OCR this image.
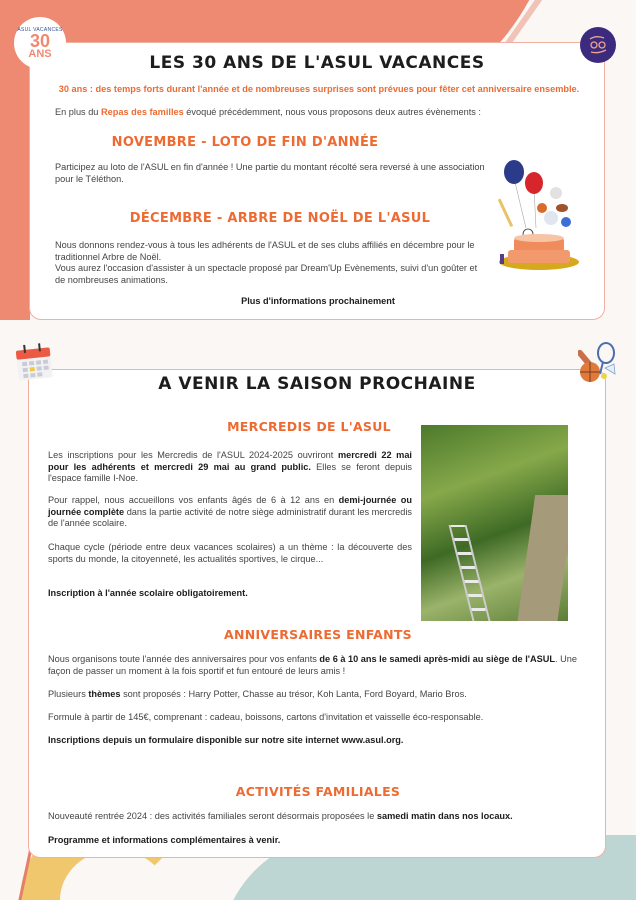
LES 30 ANS DE L'ASUL VACANCES
30 ans : des temps forts durant l'année et de nombreuses surprises sont prévues pour fêter cet anniversaire ensemble.
En plus du Repas des familles évoqué précédemment, nous vous proposons deux autres évènements :
NOVEMBRE - LOTO DE FIN D'ANNÉE
Participez au loto de l'ASUL en fin d'année ! Une partie du montant récolté sera reversé à une association pour le Téléthon.
DÉCEMBRE - ARBRE DE NOËL DE L'ASUL
Nous donnons rendez-vous à tous les adhérents de l'ASUL et de ses clubs affiliés en décembre pour le traditionnel Arbre de Noël.
Vous aurez l'occasion d'assister à un spectacle proposé par Dream'Up Evènements, suivi d'un goûter et de nombreuses animations.
Plus d'informations prochainement
ASUL VACANCES
30
ANS
A VENIR LA SAISON PROCHAINE
MERCREDIS DE L'ASUL
Les inscriptions pour les Mercredis de l'ASUL 2024-2025 ouvriront mercredi 22 mai pour les adhérents et mercredi 29 mai au grand public. Elles se feront depuis l'espace famille I-Noe.
Pour rappel, nous accueillons vos enfants âgés de 6 à 12 ans en demi-journée ou journée complète dans la partie activité de notre siège administratif durant les mercredis de l'année scolaire.
Chaque cycle (période entre deux vacances scolaires) a un thème : la découverte des sports du monde, la citoyenneté, les actualités sportives, le cirque...
Inscription à l'année scolaire obligatoirement.
ANNIVERSAIRES ENFANTS
Nous organisons toute l'année des anniversaires pour vos enfants de 6 à 10 ans le samedi après-midi au siège de l'ASUL. Une façon de passer un moment à la fois sportif et fun entouré de leurs amis !
Plusieurs thèmes sont proposés : Harry Potter, Chasse au trésor, Koh Lanta, Ford Boyard, Mario Bros.
Formule à partir de 145€, comprenant : cadeau, boissons, cartons d'invitation et vaisselle éco-responsable.
Inscriptions depuis un formulaire disponible sur notre site internet www.asul.org.
ACTIVITÉS FAMILIALES
Nouveauté rentrée 2024 : des activités familiales seront désormais proposées le samedi matin dans nos locaux.
Programme et informations complémentaires à venir.
